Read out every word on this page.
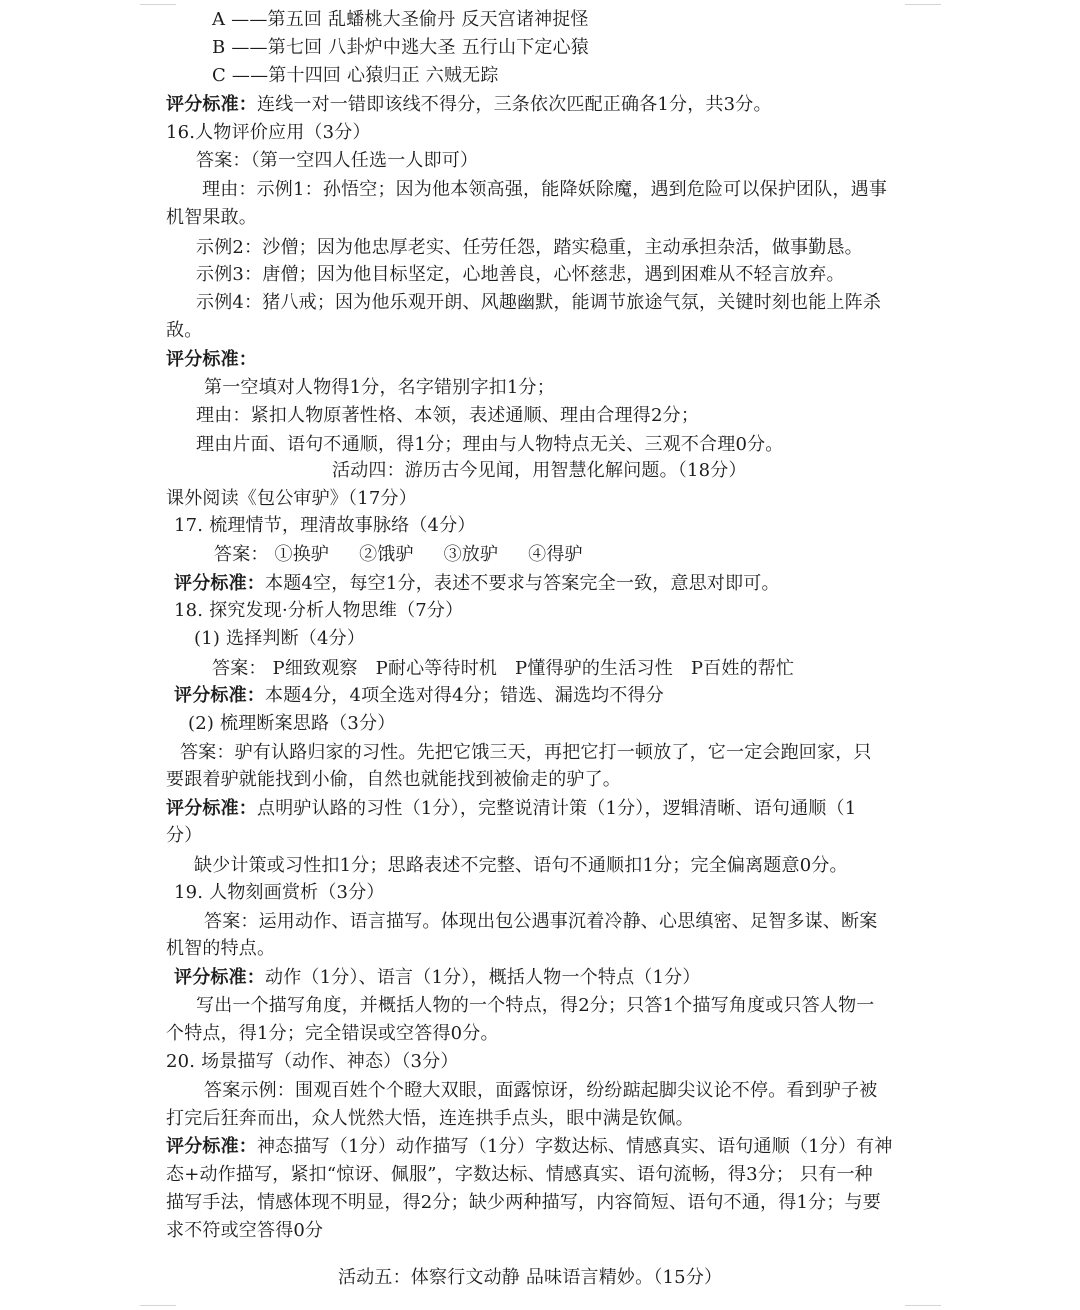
A ——第五回 乱蟠桃大圣偷丹 反天宫诸神捉怪
B ——第七回 八卦炉中逃大圣 五行山下定心猿
C ——第十四回 心猿归正 六贼无踪
评分标准：连线一对一错即该线不得分，三条依次匹配正确各1分，共3分。
16.人物评价应用（3分）
答案：（第一空四人任选一人即可）
理由：示例1：孙悟空；因为他本领高强，能降妖除魔，遇到危险可以保护团队，遇事
机智果敢。
示例2：沙僧；因为他忠厚老实、任劳任怨，踏实稳重，主动承担杂活，做事勤恳。
示例3：唐僧；因为他目标坚定，心地善良，心怀慈悲，遇到困难从不轻言放弃。
示例4：猪八戒；因为他乐观开朗、风趣幽默，能调节旅途气氛，关键时刻也能上阵杀
敌。
评分标准：
第一空填对人物得1分，名字错别字扣1分；
理由：紧扣人物原著性格、本领，表述通顺、理由合理得2分；
理由片面、语句不通顺，得1分；理由与人物特点无关、三观不合理0分。
活动四：游历古今见闻，用智慧化解问题。（18分）
课外阅读《包公审驴》（17分）
17. 梳理情节，理清故事脉络（4分）
答案： ①换驴 ②饿驴 ③放驴 ④得驴
评分标准：本题4空，每空1分，表述不要求与答案完全一致，意思对即可。
18. 探究发现·分析人物思维（7分）
(1) 选择判断（4分）
答案： P细致观察 P耐心等待时机 P懂得驴的生活习性 P百姓的帮忙
评分标准：本题4分，4项全选对得4分；错选、漏选均不得分
(2) 梳理断案思路（3分）
答案：驴有认路归家的习性。先把它饿三天，再把它打一顿放了，它一定会跑回家，只
要跟着驴就能找到小偷，自然也就能找到被偷走的驴了。
评分标准：点明驴认路的习性（1分），完整说清计策（1分），逻辑清晰、语句通顺（1
分）
缺少计策或习性扣1分；思路表述不完整、语句不通顺扣1分；完全偏离题意0分。
19. 人物刻画赏析（3分）
答案：运用动作、语言描写。体现出包公遇事沉着冷静、心思缜密、足智多谋、断案
机智的特点。
评分标准：动作（1分）、语言（1分），概括人物一个特点（1分）
写出一个描写角度，并概括人物的一个特点，得2分；只答1个描写角度或只答人物一
个特点，得1分；完全错误或空答得0分。
20. 场景描写（动作、神态）（3分）
答案示例：围观百姓个个瞪大双眼，面露惊讶，纷纷踮起脚尖议论不停。看到驴子被
打完后狂奔而出，众人恍然大悟，连连拱手点头，眼中满是钦佩。
评分标准：神态描写（1分）动作描写（1分）字数达标、情感真实、语句通顺（1分）有神
态+动作描写，紧扣“惊讶、佩服”，字数达标、情感真实、语句流畅，得3分； 只有一种
描写手法，情感体现不明显，得2分；缺少两种描写，内容简短、语句不通，得1分；与要
求不符或空答得0分
活动五：体察行文动静 品味语言精妙。（15分）
